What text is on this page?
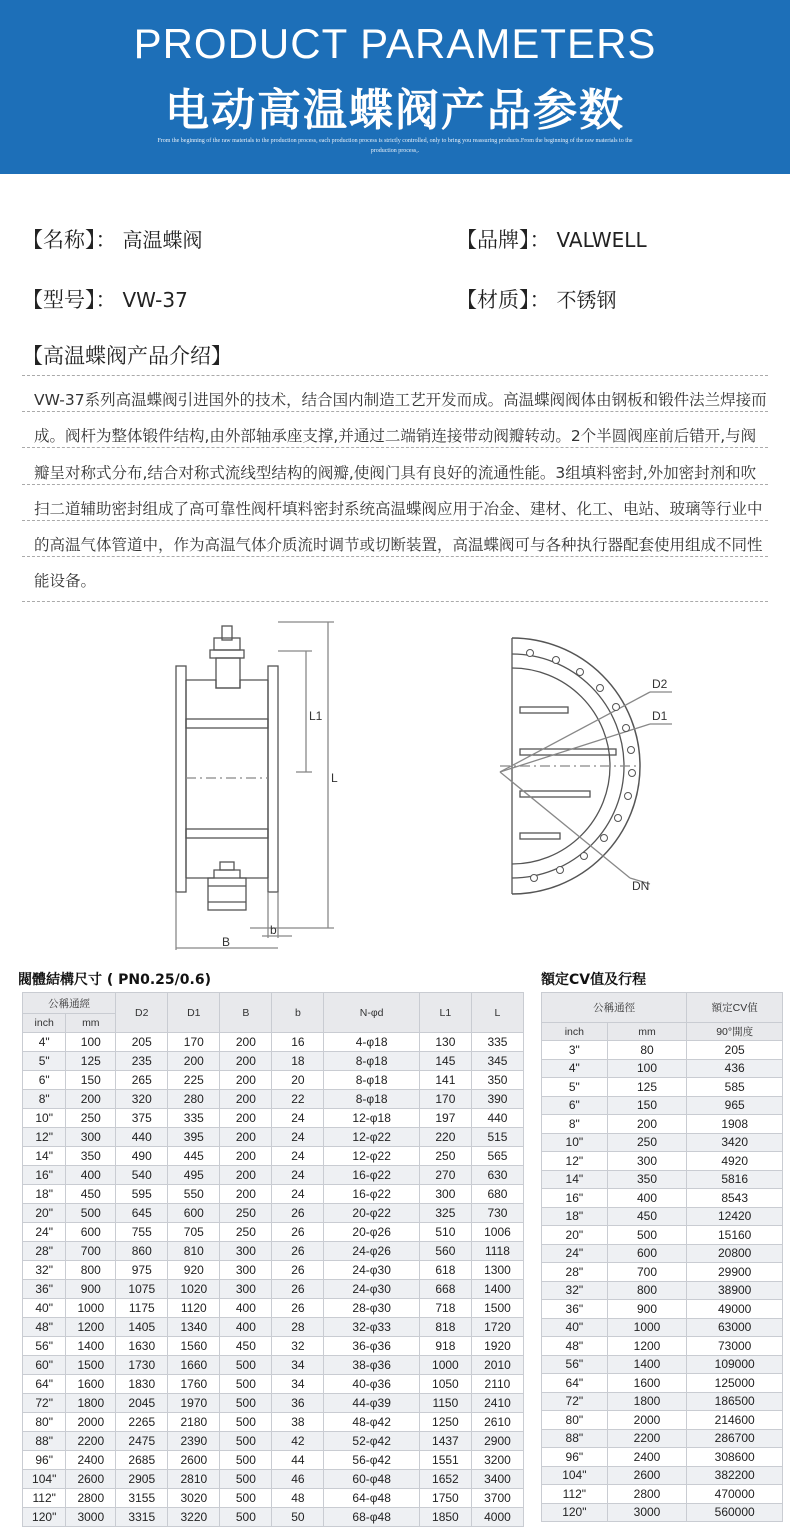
PRODUCT PARAMETERS
电动高温蝶阀产品参数
From the beginning of the raw materials to the production process, each production process is strictly controlled, only to bring you reassuring products.From the beginning of the raw materials to the production process,.
【名称】： 高温蝶阀	【品牌】： VALWELL
【型号】： VW-37	【材质】： 不锈钢
【高温蝶阀产品介绍】
VW-37系列高温蝶阀引进国外的技术，结合国内制造工艺开发而成。高温蝶阀阀体由钢板和锻件法兰焊接而成。阀杆为整体锻件结构,由外部轴承座支撑,并通过二端销连接带动阀瓣转动。2个半圆阀座前后错开,与阀瓣呈对称式分布,结合对称式流线型结构的阀瓣,使阀门具有良好的流通性能。3组填料密封,外加密封剂和吹扫二道辅助密封组成了高可靠性阀杆填料密封系统高温蝶阀应用于冶金、建材、化工、电站、玻璃等行业中的高温气体管道中，作为高温气体介质流时调节或切断装置，高温蝶阀可与各种执行器配套使用组成不同性能设备。
L1
L
b
B
D2
D1
DN
閥體結構尺寸 ( PN0.25/0.6)
公稱通經		D2	D1	B	b	N-φd	L1	L
inch	mm							
4"	100	205	170	200	16	4-φ18	130	335
5"	125	235	200	200	18	8-φ18	145	345
6"	150	265	225	200	20	8-φ18	141	350
8"	200	320	280	200	22	8-φ18	170	390
10"	250	375	335	200	24	12-φ18	197	440
12"	300	440	395	200	24	12-φ22	220	515
14"	350	490	445	200	24	12-φ22	250	565
16"	400	540	495	200	24	16-φ22	270	630
18"	450	595	550	200	24	16-φ22	300	680
20"	500	645	600	250	26	20-φ22	325	730
24"	600	755	705	250	26	20-φ26	510	1006
28"	700	860	810	300	26	24-φ26	560	1118
32"	800	975	920	300	26	24-φ30	618	1300
36"	900	1075	1020	300	26	24-φ30	668	1400
40"	1000	1175	1120	400	26	28-φ30	718	1500
48"	1200	1405	1340	400	28	32-φ33	818	1720
56"	1400	1630	1560	450	32	36-φ36	918	1920
60"	1500	1730	1660	500	34	38-φ36	1000	2010
64"	1600	1830	1760	500	34	40-φ36	1050	2110
72"	1800	2045	1970	500	36	44-φ39	1150	2410
80"	2000	2265	2180	500	38	48-φ42	1250	2610
88"	2200	2475	2390	500	42	52-φ42	1437	2900
96"	2400	2685	2600	500	44	56-φ42	1551	3200
104"	2600	2905	2810	500	46	60-φ48	1652	3400
112"	2800	3155	3020	500	48	64-φ48	1750	3700
120"	3000	3315	3220	500	50	68-φ48	1850	4000
額定CV值及行程
公稱通徑		額定CV值
inch	mm	90°開度
3"	80	205
4"	100	436
5"	125	585
6"	150	965
8"	200	1908
10"	250	3420
12"	300	4920
14"	350	5816
16"	400	8543
18"	450	12420
20"	500	15160
24"	600	20800
28"	700	29900
32"	800	38900
36"	900	49000
40"	1000	63000
48"	1200	73000
56"	1400	109000
64"	1600	125000
72"	1800	186500
80"	2000	214600
88"	2200	286700
96"	2400	308600
104"	2600	382200
112"	2800	470000
120"	3000	560000
